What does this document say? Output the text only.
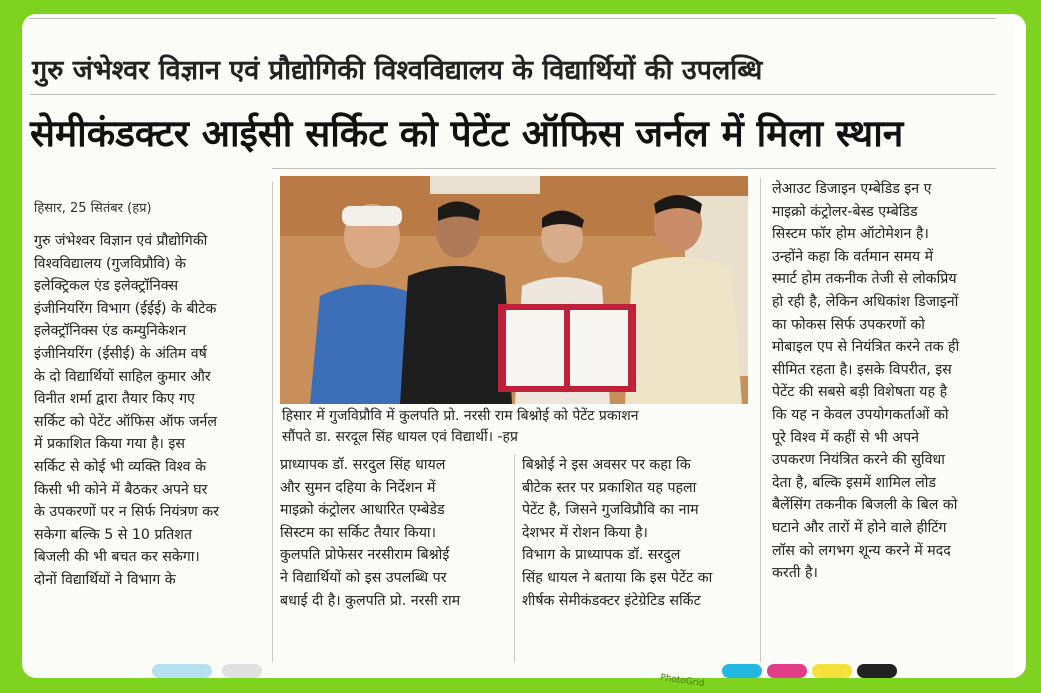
गुरु जंभेश्वर विज्ञान एवं प्रौद्योगिकी विश्वविद्यालय के विद्यार्थियों की उपलब्धि
सेमीकंडक्टर आईसी सर्किट को पेटेंट ऑफिस जर्नल में मिला स्थान
हिसार, 25 सितंबर (हप्र)

गुरु जंभेश्वर विज्ञान एवं प्रौद्योगिकी

विश्वविद्यालय (गुजविप्रौवि) के

इलेक्ट्रिकल एंड इलेक्ट्रॉनिक्स

इंजीनियरिंग विभाग (ईईई) के बीटेक

इलेक्ट्रॉनिक्स एंड कम्युनिकेशन

इंजीनियरिंग (ईसीई) के अंतिम वर्ष

के दो विद्यार्थियों साहिल कुमार और

विनीत शर्मा द्वारा तैयार किए गए

सर्किट को पेटेंट ऑफिस ऑफ जर्नल

में प्रकाशित किया गया है। इस

सर्किट से कोई भी व्यक्ति विश्व के

किसी भी कोने में बैठकर अपने घर

के उपकरणों पर न सिर्फ नियंत्रण कर

सकेगा बल्कि 5 से 10 प्रतिशत

बिजली की भी बचत कर सकेगा।

दोनों विद्यार्थियों ने विभाग के

हिसार में गुजविप्रौवि में कुलपति प्रो. नरसी राम बिश्नोई को पेटेंट प्रकाशन
सौंपते डा. सरदूल सिंह धायल एवं विद्यार्थी। -हप्र

प्राध्यापक डॉ. सरदुल सिंह धायल

और सुमन दहिया के निर्देशन में

माइक्रो कंट्रोलर आधारित एम्बेडेड

सिस्टम का सर्किट तैयार किया।

कुलपति प्रोफेसर नरसीराम बिश्नोई

ने विद्यार्थियों को इस उपलब्धि पर

बधाई दी है। कुलपति प्रो. नरसी राम

बिश्नोई ने इस अवसर पर कहा कि

बीटेक स्तर पर प्रकाशित यह पहला

पेटेंट है, जिसने गुजविप्रौवि का नाम

देशभर में रोशन किया है।

विभाग के प्राध्यापक डॉ. सरदुल

सिंह धायल ने बताया कि इस पेटेंट का

शीर्षक सेमीकंडक्टर इंटेग्रेटिड सर्किट

लेआउट डिजाइन एम्बेडिड इन ए

माइक्रो कंट्रोलर-बेस्ड एम्बेडिड

सिस्टम फॉर होम ऑटोमेशन है।

उन्होंने कहा कि वर्तमान समय में

स्मार्ट होम तकनीक तेजी से लोकप्रिय

हो रही है, लेकिन अधिकांश डिजाइनों

का फोकस सिर्फ उपकरणों को

मोबाइल एप से नियंत्रित करने तक ही

सीमित रहता है। इसके विपरीत, इस

पेटेंट की सबसे बड़ी विशेषता यह है

कि यह न केवल उपयोगकर्ताओं को

पूरे विश्व में कहीं से भी अपने

उपकरण नियंत्रित करने की सुविधा

देता है, बल्कि इसमें शामिल लोड

बैलेंसिंग तकनीक बिजली के बिल को

घटाने और तारों में होने वाले हीटिंग

लॉस को लगभग शून्य करने में मदद

करती है।

PhotoGrid
